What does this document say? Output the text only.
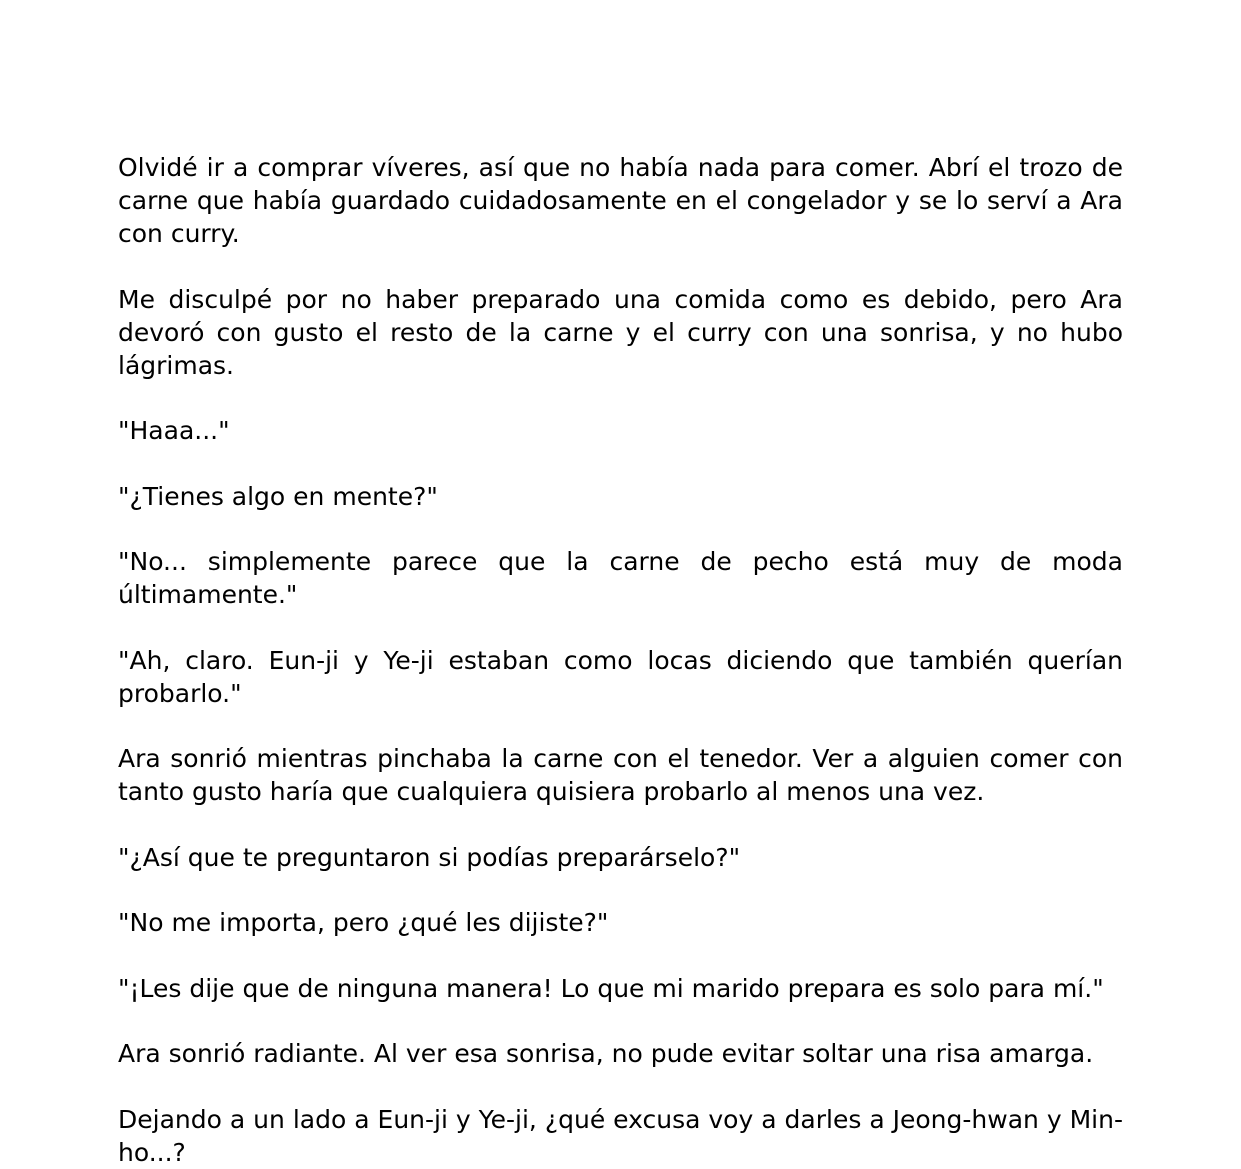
Olvidé ir a comprar víveres, así que no había nada para comer. Abrí el trozo de carne que había guardado cuidadosamente en el congelador y se lo serví a Ara con curry.

Me disculpé por no haber preparado una comida como es debido, pero Ara devoró con gusto el resto de la carne y el curry con una sonrisa, y no hubo lágrimas.

"Haaa..."

"¿Tienes algo en mente?"

"No... simplemente parece que la carne de pecho está muy de moda últimamente."

"Ah, claro. Eun-ji y Ye-ji estaban como locas diciendo que también querían probarlo."

Ara sonrió mientras pinchaba la carne con el tenedor. Ver a alguien comer con tanto gusto haría que cualquiera quisiera probarlo al menos una vez.

"¿Así que te preguntaron si podías preparárselo?"

"No me importa, pero ¿qué les dijiste?"

"¡Les dije que de ninguna manera! Lo que mi marido prepara es solo para mí."

Ara sonrió radiante. Al ver esa sonrisa, no pude evitar soltar una risa amarga.

Dejando a un lado a Eun-ji y Ye-ji, ¿qué excusa voy a darles a Jeong-hwan y Min-ho...?
